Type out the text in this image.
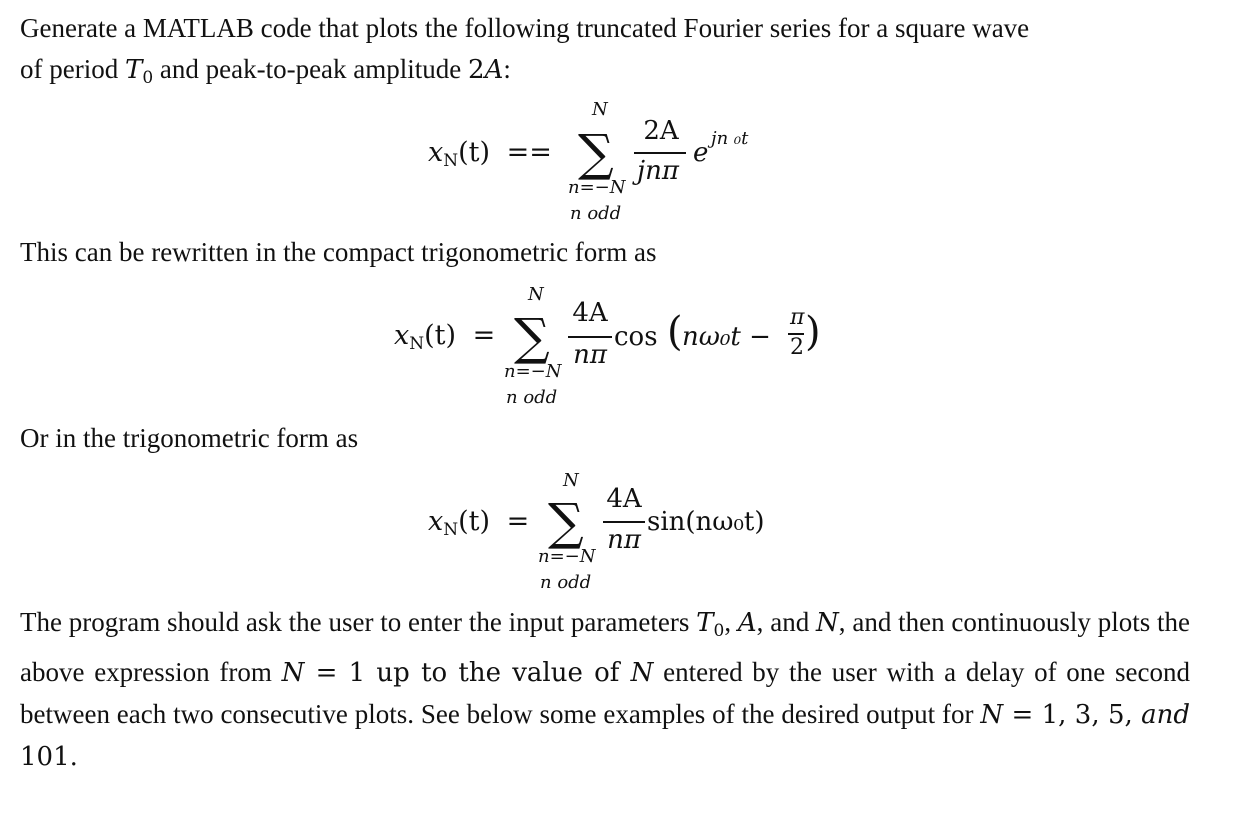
Generate a MATLAB code that plots the following truncated Fourier series for a square wave
of period $T_0$ and peak-to-peak amplitude 2A:

$x_N(t)$ ==
N
∑
n=−N
n odd
2A
jnπ
e jn ₀t

This can be rewritten in the compact trigonometric form as

$x_N(t)$ =
N
∑
n=−N
n odd
4A
nπ
cos ( nω₀t −
π
2 )

Or in the trigonometric form as

$x_N(t)$ =
N
∑
n=−N
n odd
4A
nπ
sin(nω₀t)

The program should ask the user to enter the input parameters $T_0$, A, and N, and then continuously plots the above expression from N = 1 up to the value of N entered by the user with a delay of one second between each two consecutive plots. See below some examples of the desired output for N = 1, 3, 5, and 101.
